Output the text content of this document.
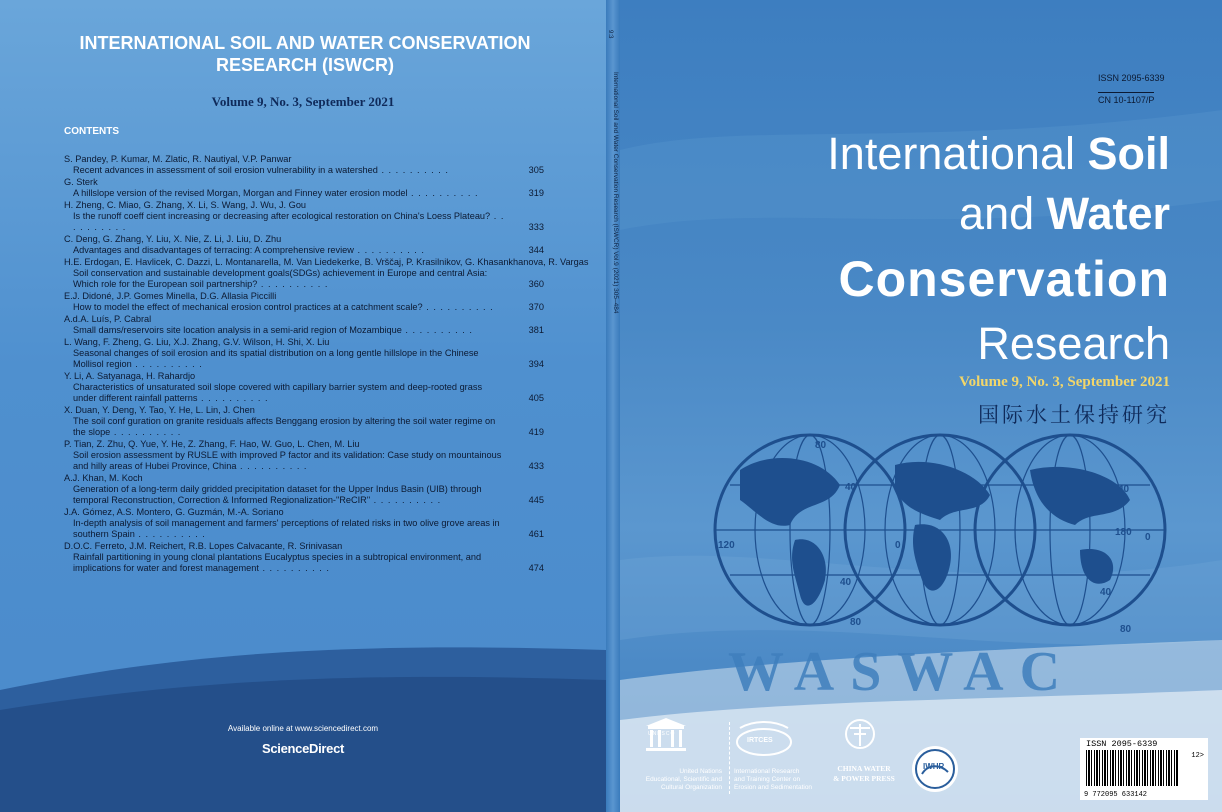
INTERNATIONAL SOIL AND WATER CONSERVATION
RESEARCH (ISWCR)
Volume 9, No. 3, September 2021
CONTENTS
S. Pandey, P. Kumar, M. Zlatic, R. Nautiyal, V.P. Panwar
Recent advances in assessment of soil erosion vulnerability in a watershed . . . . . . . . . .	305
G. Sterk
A hillslope version of the revised Morgan, Morgan and Finney water erosion model . . . . . . . . . .	319
H. Zheng, C. Miao, G. Zhang, X. Li, S. Wang, J. Wu, J. Gou
Is the runoff coeff cient increasing or decreasing after ecological restoration on China's Loess Plateau? . . . . . . . . . .	333
C. Deng, G. Zhang, Y. Liu, X. Nie, Z. Li, J. Liu, D. Zhu
Advantages and disadvantages of terracing: A comprehensive review . . . . . . . . . .	344
H.E. Erdogan, E. Havlicek, C. Dazzi, L. Montanarella, M. Van Liedekerke, B. Vrščaj, P. Krasilnikov, G. Khasankhanova, R. Vargas
Soil conservation and sustainable development goals(SDGs) achievement in Europe and central Asia: Which role for the European soil partnership? . . . . . . . . . .	360
E.J. Didoné, J.P. Gomes Minella, D.G. Allasia Piccilli
How to model the effect of mechanical erosion control practices at a catchment scale? . . . . . . . . . .	370
A.d.A. Luís, P. Cabral
Small dams/reservoirs site location analysis in a semi-arid region of Mozambique . . . . . . . . . .	381
L. Wang, F. Zheng, G. Liu, X.J. Zhang, G.V. Wilson, H. Shi, X. Liu
Seasonal changes of soil erosion and its spatial distribution on a long gentle hillslope in the Chinese Mollisol region . . . . . . . . . .	394
Y. Li, A. Satyanaga, H. Rahardjo
Characteristics of unsaturated soil slope covered with capillary barrier system and deep-rooted grass under different rainfall patterns . . . . . . . . . .	405
X. Duan, Y. Deng, Y. Tao, Y. He, L. Lin, J. Chen
The soil conf guration on granite residuals affects Benggang erosion by altering the soil water regime on the slope . . . . . . . . . .	419
P. Tian, Z. Zhu, Q. Yue, Y. He, Z. Zhang, F. Hao, W. Guo, L. Chen, M. Liu
Soil erosion assessment by RUSLE with improved P factor and its validation: Case study on mountainous and hilly areas of Hubei Province, China . . . . . . . . . .	433
A.J. Khan, M. Koch
Generation of a long-term daily gridded precipitation dataset for the Upper Indus Basin (UIB) through temporal Reconstruction, Correction & Informed Regionalization-"ReCIR" . . . . . . . . . .	445
J.A. Gómez, A.S. Montero, G. Guzmán, M.-A. Soriano
In-depth analysis of soil management and farmers' perceptions of related risks in two olive grove areas in southern Spain . . . . . . . . . .	461
D.O.C. Ferreto, J.M. Reichert, R.B. Lopes Calvacante, R. Srinivasan
Rainfall partitioning in young clonal plantations Eucalyptus species in a subtropical environment, and implications for water and forest management . . . . . . . . . .	474
Available online at www.sciencedirect.com
ScienceDirect
9:3
International Soil and Water Conservation Research (ISWCR) Vol.9 (2021) 305–484	ISSN 2095-6339
CN 10-1107/P
International Soil
and Water
Conservation
Research
Volume 9, No. 3, September 2021
国际水土保持研究
80
40
120	0
40
80
40
180 0
40
80
WASWAC
UNESCO
United Nations
Educational, Scientific and
Cultural Organization
IRTCES
International Research
and Training Center on
Erosion and Sedimentation
CHINA WATER
& POWER PRESS
IWHR
ISSN 2095-6339
12>
9 772095 633142
